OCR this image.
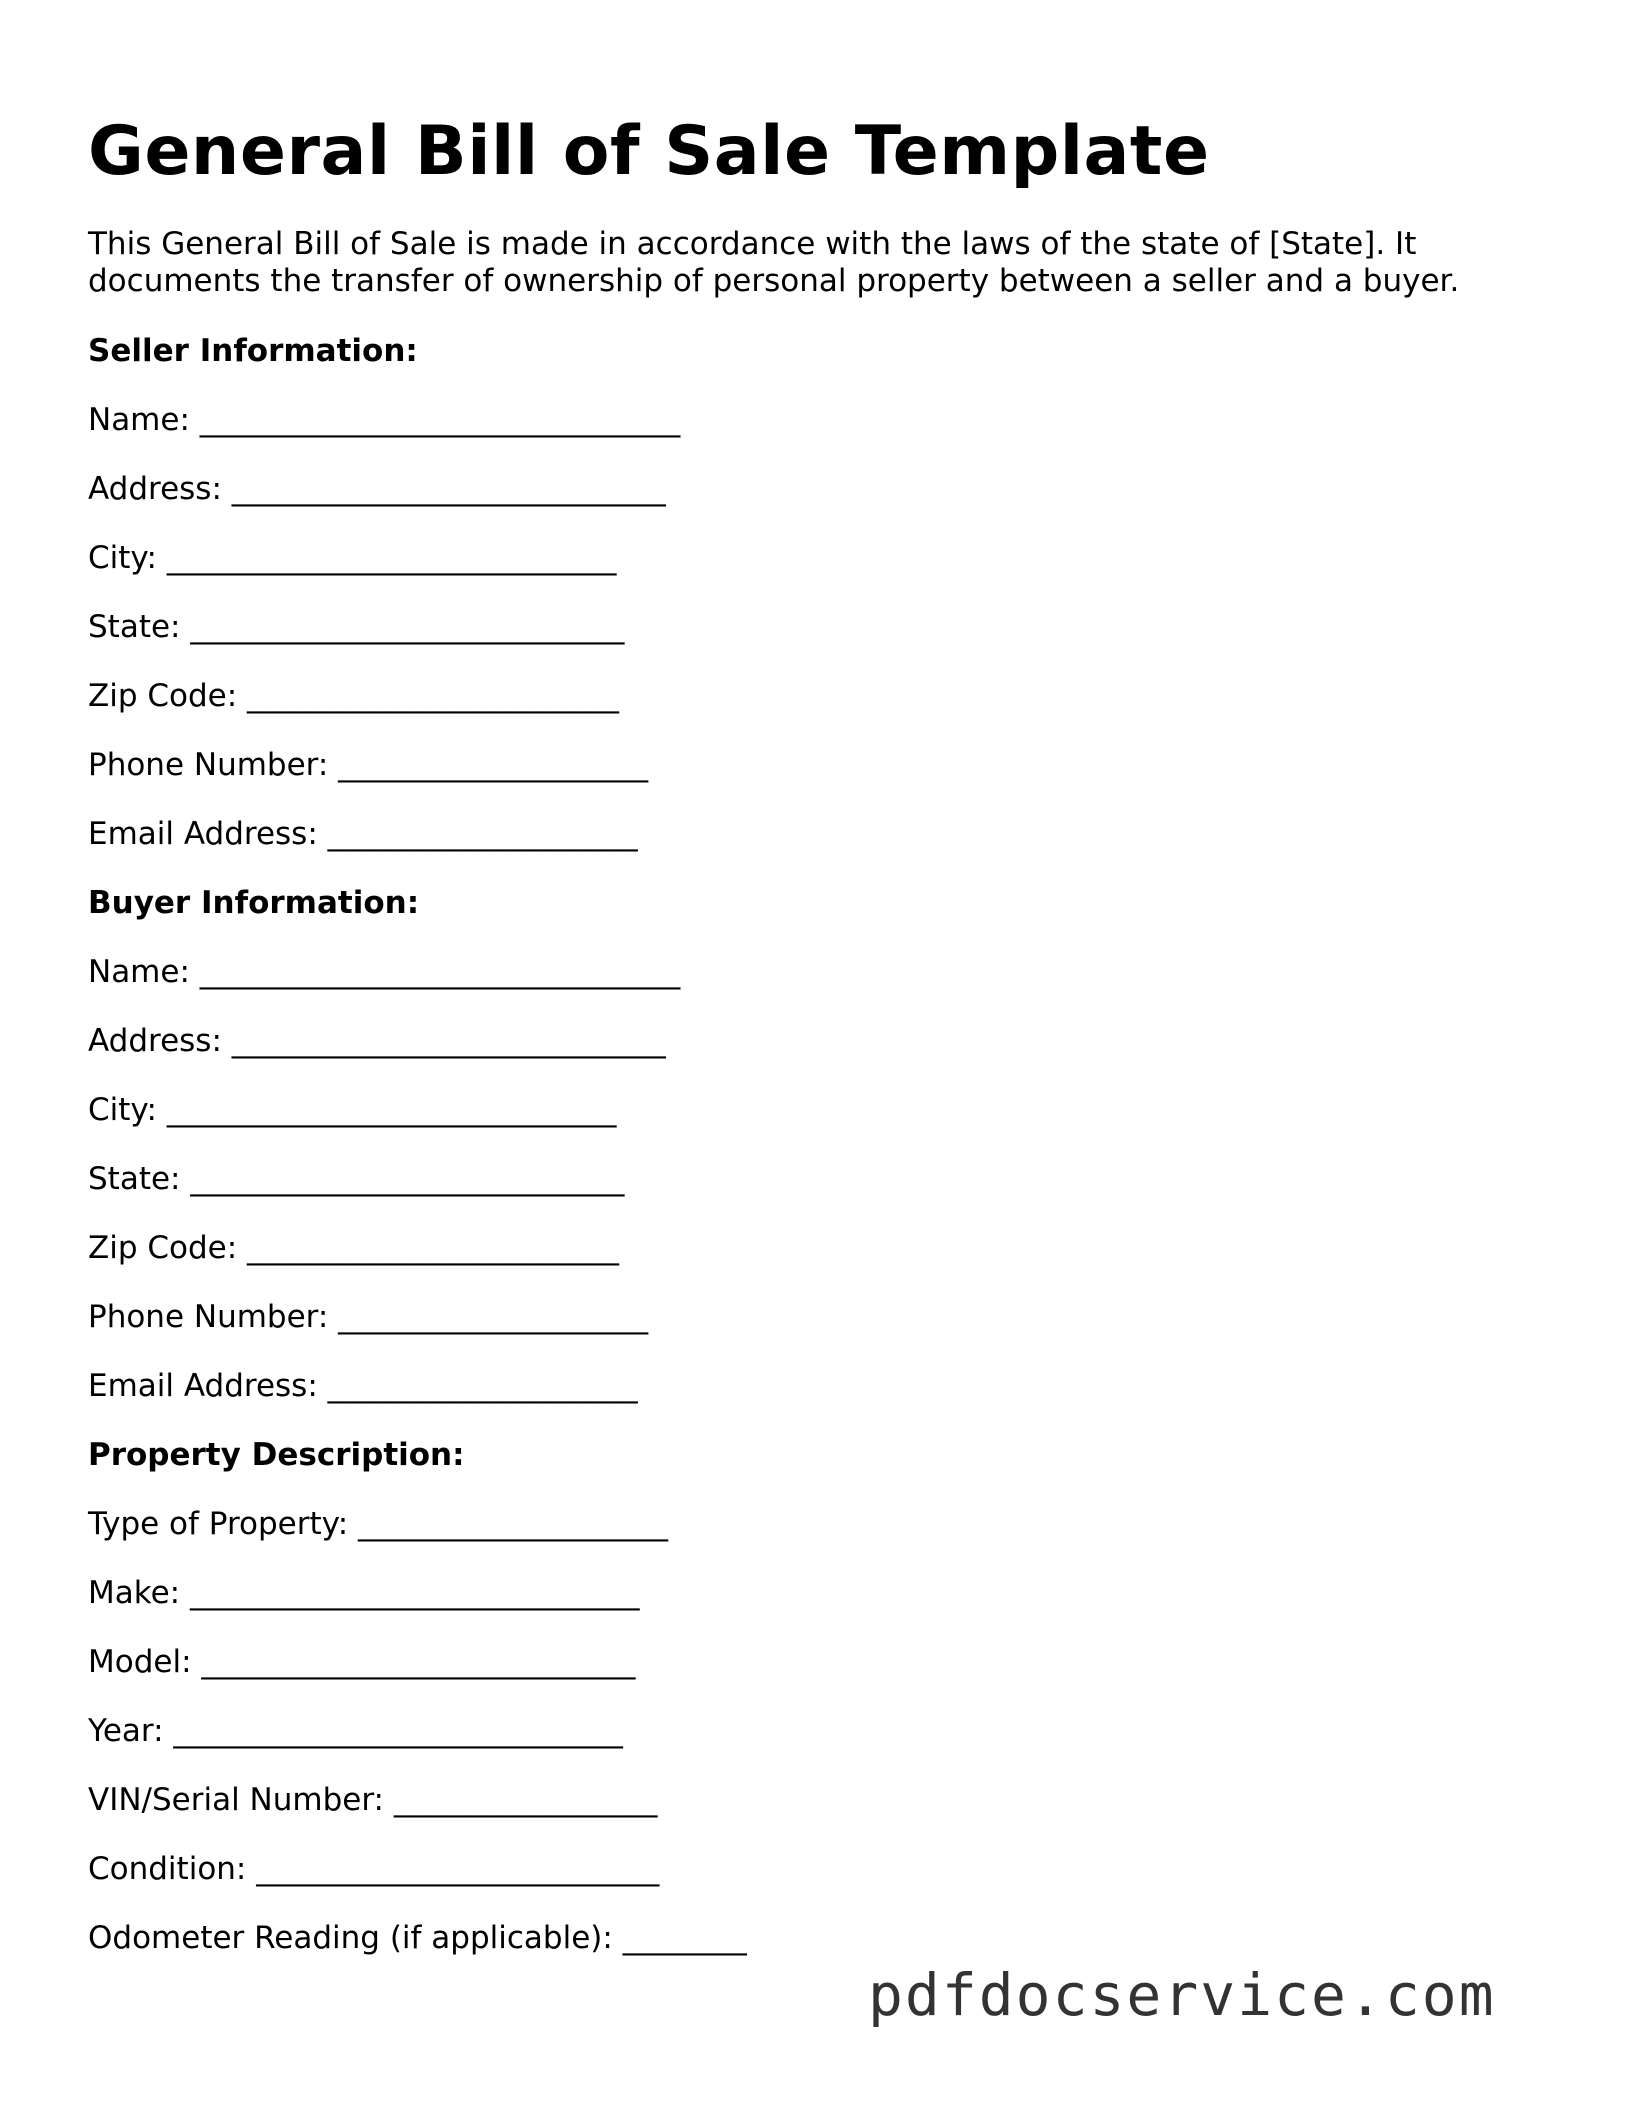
General Bill of Sale Template

This General Bill of Sale is made in accordance with the laws of the state of [State]. It documents the transfer of ownership of personal property between a seller and a buyer.

Seller Information:
Name: _______________________________
Address: ____________________________
City: _____________________________
State: ____________________________
Zip Code: ________________________
Phone Number: ____________________
Email Address: ____________________
Buyer Information:
Name: _______________________________
Address: ____________________________
City: _____________________________
State: ____________________________
Zip Code: ________________________
Phone Number: ____________________
Email Address: ____________________
Property Description:
Type of Property: ____________________
Make: _____________________________
Model: ____________________________
Year: _____________________________
VIN/Serial Number: _________________
Condition: __________________________
Odometer Reading (if applicable): ________
pdfdocservice.com
